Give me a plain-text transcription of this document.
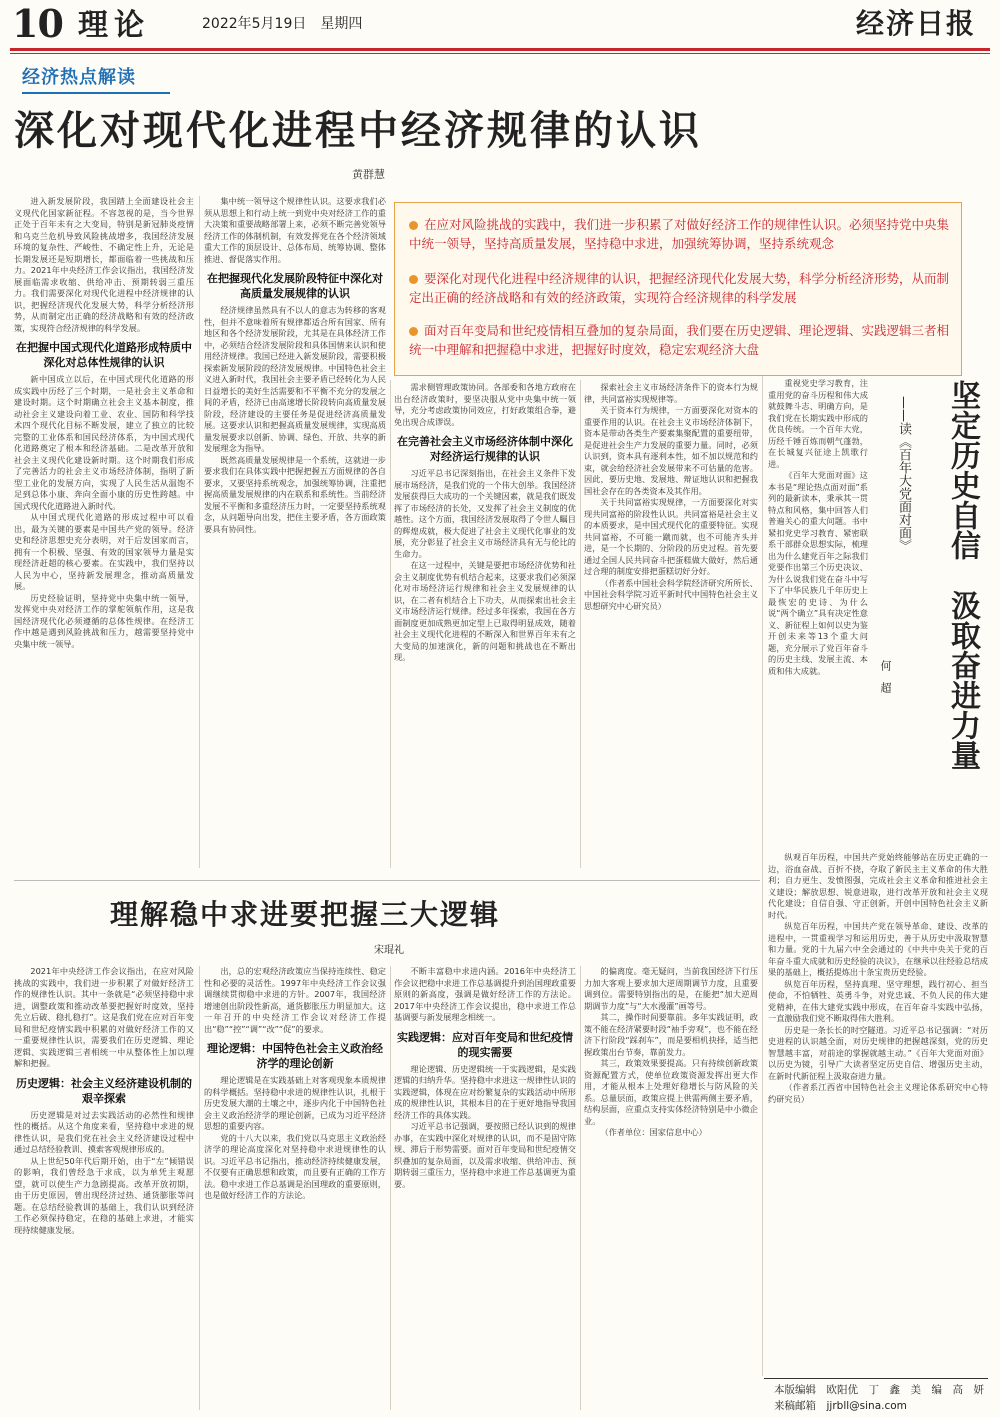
10 理论	2022年5月19日　星期四	经济日报
经济热点解读
深化对现代化进程中经济规律的认识
黄群慧
在应对风险挑战的实践中，我们进一步积累了对做好经济工作的规律性认识。必须坚持党中央集中统一领导，坚持高质量发展，坚持稳中求进，加强统筹协调，坚持系统观念
要深化对现代化进程中经济规律的认识，把握经济现代化发展大势，科学分析经济形势，从而制定出正确的经济战略和有效的经济政策，实现符合经济规律的科学发展
面对百年变局和世纪疫情相互叠加的复杂局面，我们要在历史逻辑、理论逻辑、实践逻辑三者相统一中理解和把握稳中求进，把握好时度效，稳定宏观经济大盘

进入新发展阶段，我国踏上全面建设社会主义现代化国家新征程。不容忽视的是，当今世界正处于百年未有之大变局，特别是新冠肺炎疫情和乌克兰危机导致风险挑战增多，我国经济发展环境的复杂性、严峻性、不确定性上升，无论是长期发展还是短期增长，都面临着一些挑战和压力。2021年中央经济工作会议指出，我国经济发展面临需求收缩、供给冲击、预期转弱三重压力。我们需要深化对现代化进程中经济规律的认识，把握经济现代化发展大势，科学分析经济形势，从而制定出正确的经济战略和有效的经济政策，实现符合经济规律的科学发展。

在把握中国式现代化道路形成特质中深化对总体性规律的认识

新中国成立以后，在中国式现代化道路的形成实践中历经了三个时期，一是社会主义革命和建设时期。这个时期确立社会主义基本制度，推动社会主义建设向着工业、农业、国防和科学技术四个现代化目标不断发展，建立了独立的比较完整的工业体系和国民经济体系，为中国式现代化道路奠定了根本和经济基础。二是改革开放和社会主义现代化建设新时期。这个时期我们形成了完善活力的社会主义市场经济体制，指明了新型工业化的发展方向，实现了人民生活从温饱不足到总体小康、奔向全面小康的历史性跨越。中国式现代化道路进入新时代。

从中国式现代化道路的形成过程中可以看出，最为关键的要素是中国共产党的领导。经济史和经济思想史充分表明，对于后发国家而言，拥有一个积极、坚强、有效的国家领导力量是实现经济赶超的核心要素。在实践中，我们坚持以人民为中心，坚持新发展理念，推动高质量发展。

历史经验证明，坚持党中央集中统一领导，发挥党中央对经济工作的掌舵领航作用，这是我国经济现代化必须遵循的总体性规律。在经济工作中越是遇到风险挑战和压力，越需要坚持党中央集中统一领导。

集中统一领导这个规律性认识。这要求我们必须从思想上和行动上统一到党中央对经济工作的重大决策和重要战略部署上来，必须不断完善党领导经济工作的体制机制，有效发挥党在各个经济领域重大工作的顶层设计、总体布局、统筹协调、整体推进、督促落实作用。

在把握现代化发展阶段特征中深化对高质量发展规律的认识

经济规律虽然具有不以人的意志为转移的客观性，但并不意味着所有规律都适合所有国家、所有地区和各个经济发展阶段，尤其是在具体经济工作中，必须结合经济发展阶段和具体国情来认识和使用经济规律。我国已经进入新发展阶段，需要积极探索新发展阶段的经济发展规律。中国特色社会主义进入新时代，我国社会主要矛盾已经转化为人民日益增长的美好生活需要和不平衡不充分的发展之间的矛盾，经济已由高速增长阶段转向高质量发展阶段，经济建设的主要任务是促进经济高质量发展。这要求认识和把握高质量发展规律，实现高质量发展要求以创新、协调、绿色、开放、共享的新发展理念为指导。

既然高质量发展规律是一个系统，这就进一步要求我们在具体实践中把握把握五方面规律的各自要求，又要坚持系统观念，加强统筹协调，注重把握高质量发展规律的内在联系和系统性。当前经济发展不平衡和多重经济压力时，一定要坚持系统观念，从问题导向出发，把住主要矛盾，各方面政策要具有协同性。

需求侧管理政策协同。各部委和各地方政府在出台经济政策时，要坚决服从党中央集中统一领导，充分考虑政策协同效应，打好政策组合拳，避免出现合成谬误。

在完善社会主义市场经济体制中深化对经济运行规律的认识

习近平总书记深刻指出，在社会主义条件下发展市场经济，是我们党的一个伟大创举。我国经济发展获得巨大成功的一个关键因素，就是我们既发挥了市场经济的长处，又发挥了社会主义制度的优越性。这个方面，我国经济发展取得了令世人瞩目的辉煌成就，极大促进了社会主义现代化事业的发展，充分彰显了社会主义市场经济具有无与伦比的生命力。

在这一过程中，关键是要把市场经济优势和社会主义制度优势有机结合起来，这要求我们必须深化对市场经济运行规律和社会主义发展规律的认识，在二者有机结合上下功夫，从而探索出社会主义市场经济运行规律。经过多年探索，我国在各方面制度更加成熟更加定型上已取得明显成效，随着社会主义现代化进程的不断深入和世界百年未有之大变局的加速演化，新的问题和挑战也在不断出现。

探索社会主义市场经济条件下的资本行为规律，共同富裕实现规律等。

关于资本行为规律，一方面要深化对资本的重要作用的认识。在社会主义市场经济体制下，资本是带动各类生产要素集聚配置的重要纽带，是促进社会生产力发展的重要力量。同时，必须认识到，资本具有逐利本性，如不加以规范和约束，就会给经济社会发展带来不可估量的危害。因此，要历史地、发展地、辩证地认识和把握我国社会存在的各类资本及其作用。

关于共同富裕实现规律，一方面要深化对实现共同富裕的阶段性认识。共同富裕是社会主义的本质要求，是中国式现代化的重要特征。实现共同富裕，不可能一蹴而就，也不可能齐头并进，是一个长期的、分阶段的历史过程。首先要通过全国人民共同奋斗把蛋糕做大做好，然后通过合理的制度安排把蛋糕切好分好。

（作者系中国社会科学院经济研究所所长、中国社会科学院习近平新时代中国特色社会主义思想研究中心研究员）	坚定历史自信　汲取奋进力量
——读《百年大党面对面》
何　超

重视党史学习教育，注重用党的奋斗历程和伟大成就鼓舞斗志、明确方向，是我们党在长期实践中形成的优良传统。一个百年大党，历经千锤百炼而朝气蓬勃，在长城复兴征途上凯歌行进。

《百年大党面对面》这本书是“理论热点面对面”系列的最新读本，秉承其一贯特点和风格，集中回答人们普遍关心的重大问题。书中紧扣党史学习教育、紧密联系干部群众思想实际，梳理出为什么建党百年之际我们党要作出第三个历史决议、为什么说我们党在奋斗中写下了中华民族几千年历史上最恢宏的史诗、为什么说“两个确立”具有决定性意义、新征程上如何以史为鉴开创未来等13个重大问题，充分展示了党百年奋斗的历史主线、发展主流、本质和伟大成就。

纵观百年历程，中国共产党始终能够站在历史正确的一边，浴血奋战、百折不挠，夺取了新民主主义革命的伟大胜利；自力更生、发愤图强，完成社会主义革命和推进社会主义建设；解放思想、锐意进取，进行改革开放和社会主义现代化建设；自信自强、守正创新，开创中国特色社会主义新时代。

纵览百年历程，中国共产党在领导革命、建设、改革的进程中，一贯重视学习和运用历史，善于从历史中汲取智慧和力量。党的十九届六中全会通过的《中共中央关于党的百年奋斗重大成就和历史经验的决议》，在继承以往经验总结成果的基础上，概括提炼出十条宝贵历史经验。

纵览百年历程，坚持真理、坚守理想，践行初心、担当使命，不怕牺牲、英勇斗争，对党忠诚、不负人民的伟大建党精神，在伟大建党实践中形成，在百年奋斗实践中弘扬，一直激励我们党不断取得伟大胜利。

历史是一条长长的时空隧道。习近平总书记强调：“对历史进程的认识越全面，对历史规律的把握越深刻，党的历史智慧越丰富，对前途的掌握就越主动。”《百年大党面对面》以历史为镜，引导广大读者坚定历史自信、增强历史主动，在新时代新征程上汲取奋进力量。

（作者系江西省中国特色社会主义理论体系研究中心特约研究员）

理解稳中求进要把握三大逻辑
宋琨礼

2021年中央经济工作会议指出，在应对风险挑战的实践中，我们进一步积累了对做好经济工作的规律性认识。其中一条就是“必须坚持稳中求进，调整政策和推动改革要把握好时度效，坚持先立后破、稳扎稳打”。这是我们党在应对百年变局和世纪疫情实践中积累的对做好经济工作的又一重要规律性认识，需要我们在历史逻辑、理论逻辑、实践逻辑三者相统一中从整体性上加以理解和把握。

历史逻辑：社会主义经济建设机制的艰辛探索

历史逻辑是对过去实践活动的必然性和规律性的概括。从这个角度来看，坚持稳中求进的规律性认识，是我们党在社会主义经济建设过程中通过总结经验教训、摸索客观规律形成的。

从上世纪50年代后期开始，由于“左”倾错误的影响，我们曾经急于求成，以为单凭主观愿望，就可以使生产力急剧提高。改革开放初期，由于历史原因，曾出现经济过热、通货膨胀等问题。在总结经验教训的基础上，我们认识到经济工作必须保持稳定，在稳的基础上求进，才能实现持续健康发展。

出，总的宏观经济政策应当保持连续性、稳定性和必要的灵活性。1997年中央经济工作会议强调继续贯彻稳中求进的方针。2007年，我国经济增速创出阶段性新高，通货膨胀压力明显加大。这一年召开的中央经济工作会议对经济工作提出“稳”“控”“调”“改”“促”的要求。

理论逻辑：中国特色社会主义政治经济学的理论创新

理论逻辑是在实践基础上对客观现象本质规律的科学概括。坚持稳中求进的规律性认识，扎根于历史发展大潮的土壤之中，逐步内化于中国特色社会主义政治经济学的理论创新，已成为习近平经济思想的重要内容。

党的十八大以来，我们党以马克思主义政治经济学的理论高度深化对坚持稳中求进规律性的认识。习近平总书记指出，推动经济持续健康发展，不仅要有正确思想和政策，而且要有正确的工作方法。稳中求进工作总基调是治国理政的重要原则，也是做好经济工作的方法论。

不断丰富稳中求进内涵。2016年中央经济工作会议把稳中求进工作总基调提升到治国理政重要原则的新高度，强调是做好经济工作的方法论。2017年中央经济工作会议提出，稳中求进工作总基调要与新发展理念相统一。

实践逻辑：应对百年变局和世纪疫情的现实需要

理论逻辑、历史逻辑统一于实践逻辑，是实践逻辑的归纳升华。坚持稳中求进这一规律性认识的实践逻辑，体现在应对纷繁复杂的实践活动中所形成的规律性认识，其根本目的在于更好地指导我国经济工作的具体实践。

习近平总书记强调，要按照已经认识到的规律办事，在实践中深化对规律的认识，而不是固守陈规、滞后于形势需要。面对百年变局和世纪疫情交织叠加的复杂局面，以及需求收缩、供给冲击、预期转弱三重压力，坚持稳中求进工作总基调更为重要。

的偏离度。毫无疑问，当前我国经济下行压力加大客观上要求加大逆周期调节力度，且重要调到位。需要特别指出的是，在能把“加大逆周期调节力度”与“大水漫灌”画等号。

其二，操作时间要靠前。多年实践证明，政策不能在经济紧要时段“袖手旁观”，也不能在经济下行阶段“踩刹车”，而是要相机抉择，适当把握政策出台节奏，靠前发力。

其三，政策效果要提高。只有持续创新政策资源配置方式，使单位政策资源发挥出更大作用，才能从根本上处理好稳增长与防风险的关系。总量层面，政策应提上供需两侧主要矛盾，结构层面，应重点支持实体经济特别是中小微企业。

（作者单位：国家信息中心）

本版编辑　欧阳优　丁　鑫　美　编　高　妍
来稿邮箱　jjrbll@sina.com
